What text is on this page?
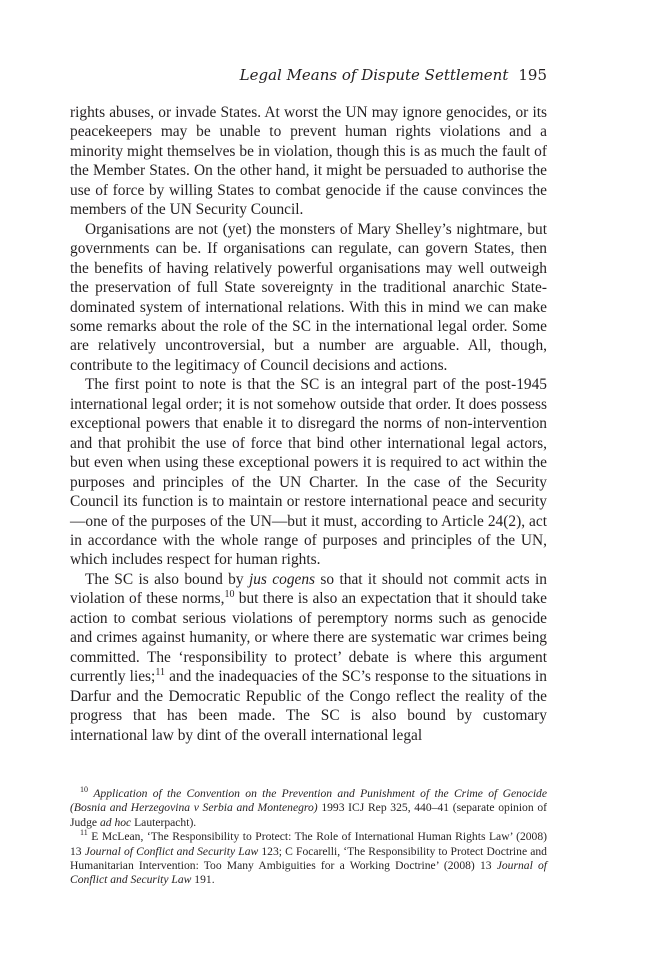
Legal Means of Dispute Settlement 195

rights abuses, or invade States. At worst the UN may ignore genocides, or its peacekeepers may be unable to prevent human rights violations and a minority might themselves be in violation, though this is as much the fault of the Member States. On the other hand, it might be persuaded to authorise the use of force by willing States to combat genocide if the cause convinces the members of the UN Security Council.

Organisations are not (yet) the monsters of Mary Shelley’s nightmare, but governments can be. If organisations can regulate, can govern States, then the benefits of having relatively powerful organisations may well outweigh the preservation of full State sovereignty in the traditional anarchic State-dominated system of international relations. With this in mind we can make some remarks about the role of the SC in the international legal order. Some are relatively uncontroversial, but a number are arguable. All, though, contribute to the legitimacy of Council decisions and actions.

The first point to note is that the SC is an integral part of the post-1945 international legal order; it is not somehow outside that order. It does possess exceptional powers that enable it to disregard the norms of non-intervention and that prohibit the use of force that bind other international legal actors, but even when using these exceptional powers it is required to act within the purposes and principles of the UN Charter. In the case of the Security Council its function is to maintain or restore international peace and security—one of the purposes of the UN—but it must, according to Article 24(2), act in accordance with the whole range of purposes and principles of the UN, which includes respect for human rights.

The SC is also bound by jus cogens so that it should not commit acts in violation of these norms,$^{10}$ but there is also an expectation that it should take action to combat serious violations of peremptory norms such as genocide and crimes against humanity, or where there are systematic war crimes being committed. The ‘responsibility to protect’ debate is where this argument currently lies;$^{11}$ and the inadequacies of the SC’s response to the situations in Darfur and the Democratic Republic of the Congo reflect the reality of the progress that has been made. The SC is also bound by customary international law by dint of the overall international legal

$^{10}$ Application of the Convention on the Prevention and Punishment of the Crime of Genocide (Bosnia and Herzegovina v Serbia and Montenegro) 1993 ICJ Rep 325, 440–41 (separate opinion of Judge ad hoc Lauterpacht).

$^{11}$ E McLean, ‘The Responsibility to Protect: The Role of International Human Rights Law’ (2008) 13 Journal of Conflict and Security Law 123; C Focarelli, ‘The Responsibility to Protect Doctrine and Humanitarian Intervention: Too Many Ambiguities for a Working Doctrine’ (2008) 13 Journal of Conflict and Security Law 191.
